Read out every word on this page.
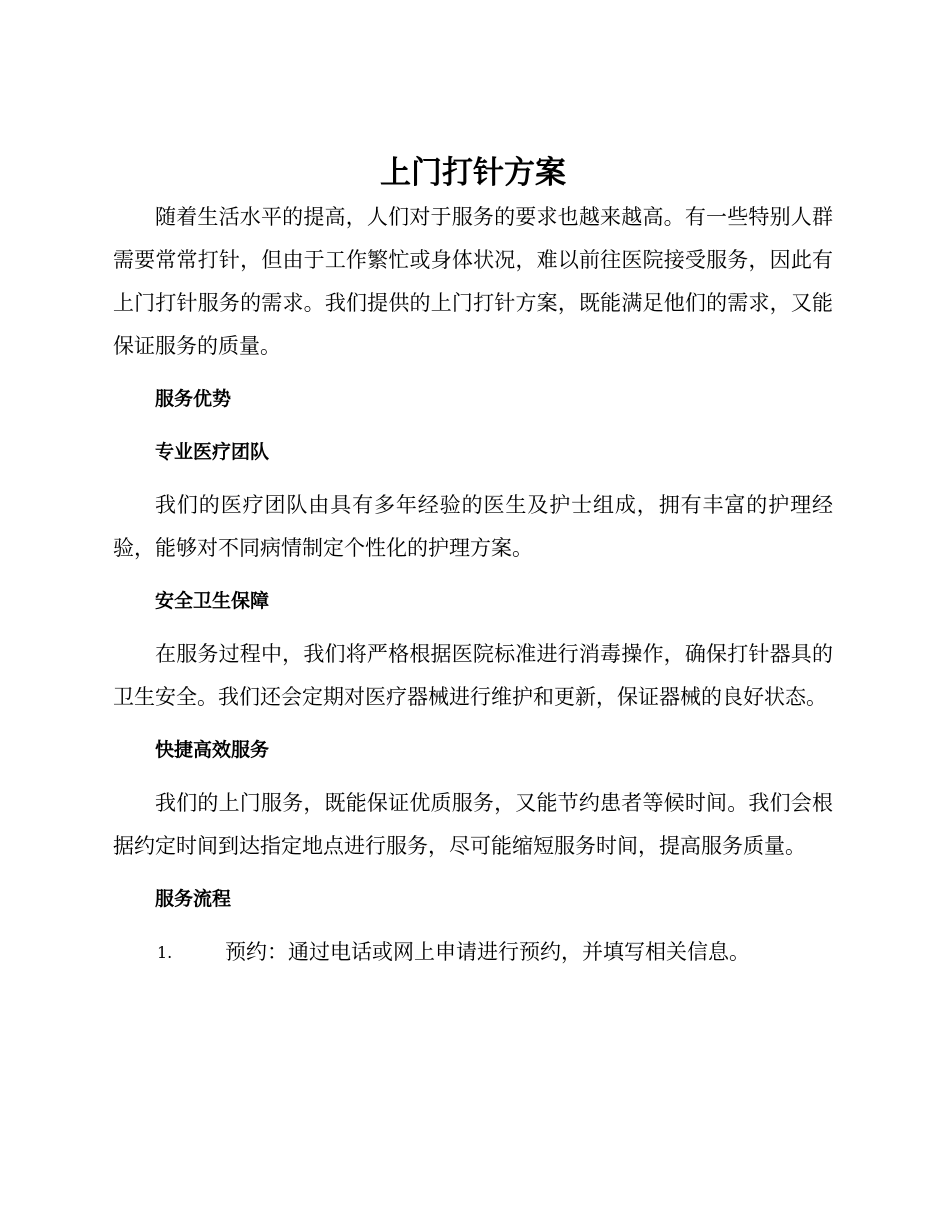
上门打针方案

随着生活水平的提高，人们对于服务的要求也越来越高。有一些特别人群需要常常打针，但由于工作繁忙或身体状况，难以前往医院接受服务，因此有上门打针服务的需求。我们提供的上门打针方案，既能满足他们的需求，又能保证服务的质量。

服务优势
专业医疗团队

我们的医疗团队由具有多年经验的医生及护士组成，拥有丰富的护理经验，能够对不同病情制定个性化的护理方案。

安全卫生保障

在服务过程中，我们将严格根据医院标准进行消毒操作，确保打针器具的卫生安全。我们还会定期对医疗器械进行维护和更新，保证器械的良好状态。

快捷高效服务

我们的上门服务，既能保证优质服务，又能节约患者等候时间。我们会根据约定时间到达指定地点进行服务，尽可能缩短服务时间，提高服务质量。

服务流程
1.	预约：通过电话或网上申请进行预约，并填写相关信息。
